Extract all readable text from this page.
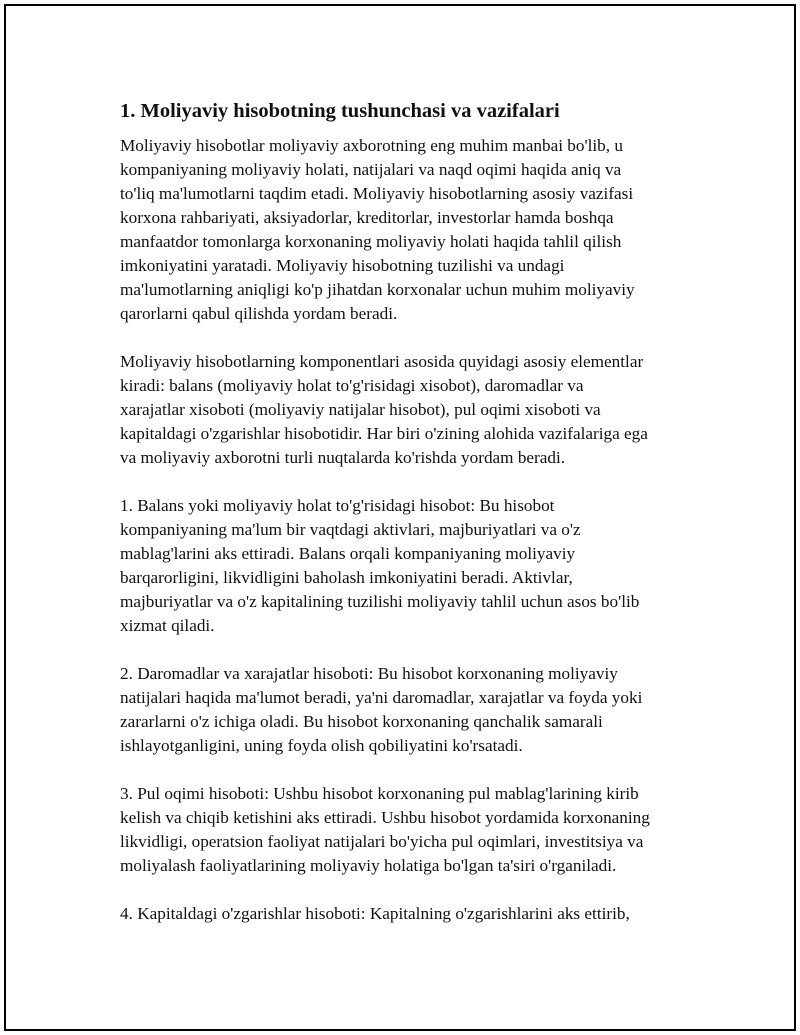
1. Moliyaviy hisobotning tushunchasi va vazifalari

Moliyaviy hisobotlar moliyaviy axborotning eng muhim manbai bo'lib, u
kompaniyaning moliyaviy holati, natijalari va naqd oqimi haqida aniq va
to'liq ma'lumotlarni taqdim etadi. Moliyaviy hisobotlarning asosiy vazifasi
korxona rahbariyati, aksiyadorlar, kreditorlar, investorlar hamda boshqa
manfaatdor tomonlarga korxonaning moliyaviy holati haqida tahlil qilish
imkoniyatini yaratadi. Moliyaviy hisobotning tuzilishi va undagi
ma'lumotlarning aniqligi ko'p jihatdan korxonalar uchun muhim moliyaviy
qarorlarni qabul qilishda yordam beradi.

Moliyaviy hisobotlarning komponentlari asosida quyidagi asosiy elementlar
kiradi: balans (moliyaviy holat to'g'risidagi xisobot), daromadlar va
xarajatlar xisoboti (moliyaviy natijalar hisobot), pul oqimi xisoboti va
kapitaldagi o'zgarishlar hisobotidir. Har biri o'zining alohida vazifalariga ega
va moliyaviy axborotni turli nuqtalarda ko'rishda yordam beradi.

1. Balans yoki moliyaviy holat to'g'risidagi hisobot: Bu hisobot
kompaniyaning ma'lum bir vaqtdagi aktivlari, majburiyatlari va o'z
mablag'larini aks ettiradi. Balans orqali kompaniyaning moliyaviy
barqarorligini, likvidligini baholash imkoniyatini beradi. Aktivlar,
majburiyatlar va o'z kapitalining tuzilishi moliyaviy tahlil uchun asos bo'lib
xizmat qiladi.

2. Daromadlar va xarajatlar hisoboti: Bu hisobot korxonaning moliyaviy
natijalari haqida ma'lumot beradi, ya'ni daromadlar, xarajatlar va foyda yoki
zararlarni o'z ichiga oladi. Bu hisobot korxonaning qanchalik samarali
ishlayotganligini, uning foyda olish qobiliyatini ko'rsatadi.

3. Pul oqimi hisoboti: Ushbu hisobot korxonaning pul mablag'larining kirib
kelish va chiqib ketishini aks ettiradi. Ushbu hisobot yordamida korxonaning
likvidligi, operatsion faoliyat natijalari bo'yicha pul oqimlari, investitsiya va
moliyalash faoliyatlarining moliyaviy holatiga bo'lgan ta'siri o'rganiladi.

4. Kapitaldagi o'zgarishlar hisoboti: Kapitalning o'zgarishlarini aks ettirib,
